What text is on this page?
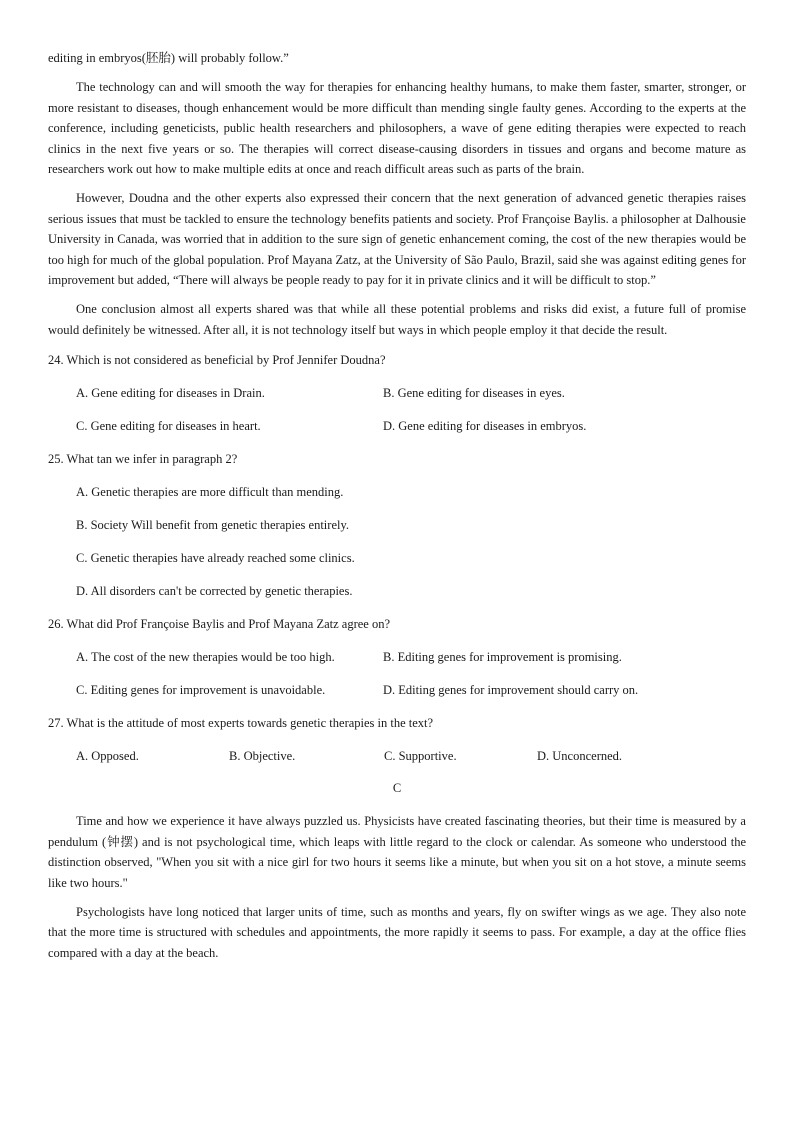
editing in embryos(胚胎) will probably follow.”

The technology can and will smooth the way for therapies for enhancing healthy humans, to make them faster, smarter, stronger, or more resistant to diseases, though enhancement would be more difficult than mending single faulty genes. According to the experts at the conference, including geneticists, public health researchers and philosophers, a wave of gene editing therapies were expected to reach clinics in the next five years or so. The therapies will correct disease-causing disorders in tissues and organs and become mature as researchers work out how to make multiple edits at once and reach difficult areas such as parts of the brain.

However, Doudna and the other experts also expressed their concern that the next generation of advanced genetic therapies raises serious issues that must be tackled to ensure the technology benefits patients and society. Prof Françoise Baylis. a philosopher at Dalhousie University in Canada, was worried that in addition to the sure sign of genetic enhancement coming, the cost of the new therapies would be too high for much of the global population. Prof Mayana Zatz, at the University of São Paulo, Brazil, said she was against editing genes for improvement but added, “There will always be people ready to pay for it in private clinics and it will be difficult to stop.”

One conclusion almost all experts shared was that while all these potential problems and risks did exist, a future full of promise would definitely be witnessed. After all, it is not technology itself but ways in which people employ it that decide the result.

24. Which is not considered as beneficial by Prof Jennifer Doudna?

A. Gene editing for diseases in Drain.	B. Gene editing for diseases in eyes.
C. Gene editing for diseases in heart.	D. Gene editing for diseases in embryos.

25. What tan we infer in paragraph 2?

A. Genetic therapies are more difficult than mending.
B. Society Will benefit from genetic therapies entirely.
C. Genetic therapies have already reached some clinics.
D. All disorders can't be corrected by genetic therapies.

26. What did Prof Françoise Baylis and Prof Mayana Zatz agree on?

A. The cost of the new therapies would be too high.	B. Editing genes for improvement is promising.
C. Editing genes for improvement is unavoidable.	D. Editing genes for improvement should carry on.

27. What is the attitude of most experts towards genetic therapies in the text?

A. Opposed.	B. Objective.	C. Supportive.	D. Unconcerned.
C

Time and how we experience it have always puzzled us. Physicists have created fascinating theories, but their time is measured by a pendulum (钟摆) and is not psychological time, which leaps with little regard to the clock or calendar. As someone who understood the distinction observed, "When you sit with a nice girl for two hours it seems like a minute, but when you sit on a hot stove, a minute seems like two hours."

Psychologists have long noticed that larger units of time, such as months and years, fly on swifter wings as we age. They also note that the more time is structured with schedules and appointments, the more rapidly it seems to pass. For example, a day at the office flies compared with a day at the beach.
